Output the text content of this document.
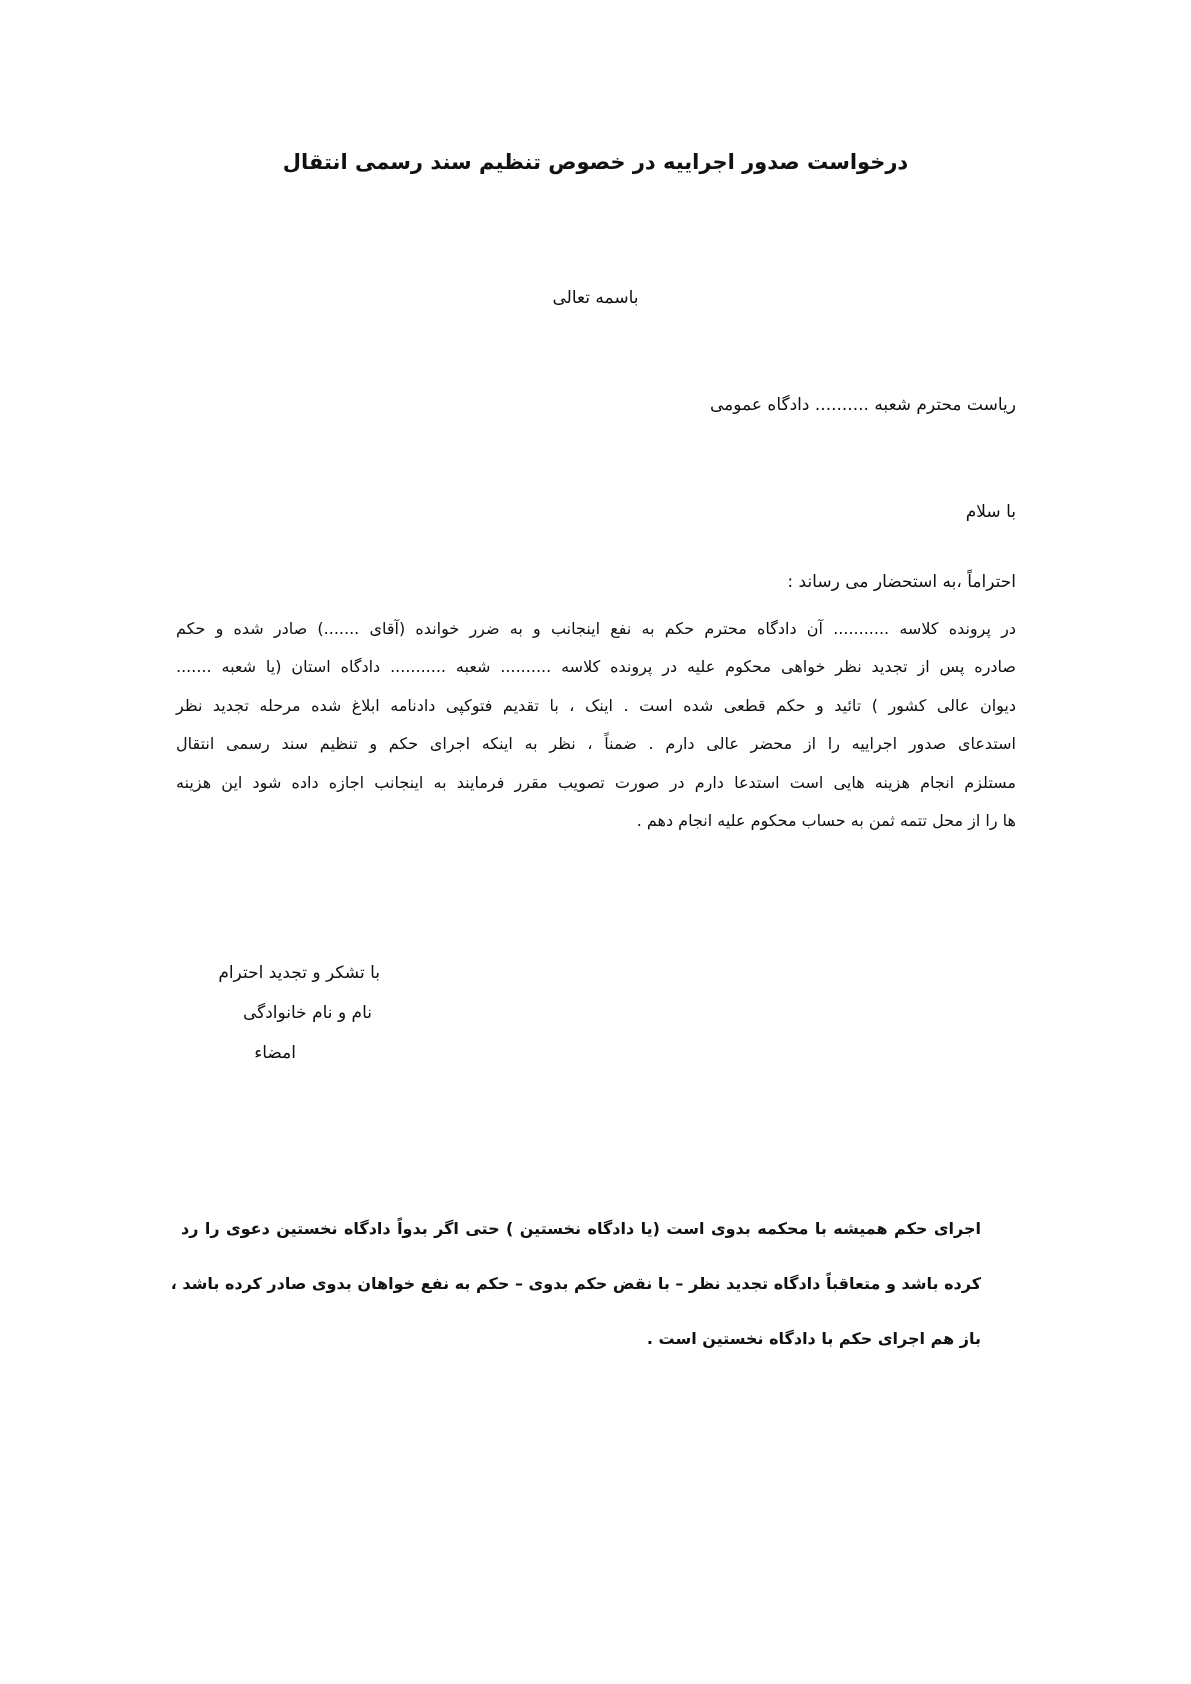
درخواست صدور اجراییه در خصوص تنظیم سند رسمی انتقال
باسمه تعالی
ریاست محترم شعبه .......... دادگاه عمومی
با سلام
احتراماً ،به استحضار می رساند :

در پرونده کلاسه ........... آن دادگاه محترم حکم به نفع اینجانب و به ضرر خوانده (آقای .......) صادر شده و حکم

صادره پس از تجدید نظر خواهی محکوم علیه در پرونده کلاسه .......... شعبه ........... دادگاه استان (یا شعبه .......

دیوان عالی کشور ) تائید و حکم قطعی شده است . اینک ، با تقدیم فتوکپی دادنامه ابلاغ شده مرحله تجدید نظر

استدعای صدور اجراییه را از محضر عالی دارم . ضمناً ، نظر به اینکه اجرای حکم و تنظیم سند رسمی انتقال

مستلزم انجام هزینه هایی است استدعا دارم در صورت تصویب مقرر فرمایند به اینجانب اجازه داده شود این هزینه

ها را از محل تتمه ثمن به حساب محکوم علیه انجام دهم .

با تشکر و تجدید احترام
نام و نام خانوادگی
امضاء

اجرای حکم همیشه با محکمه بدوی است (یا دادگاه نخستین ) حتی اگر بدواً دادگاه نخستین دعوی را رد

کرده باشد و متعاقباً دادگاه تجدید نظر – با نقض حکم بدوی – حکم به نفع خواهان بدوی صادر کرده باشد ،

باز هم اجرای حکم با دادگاه نخستین است .
